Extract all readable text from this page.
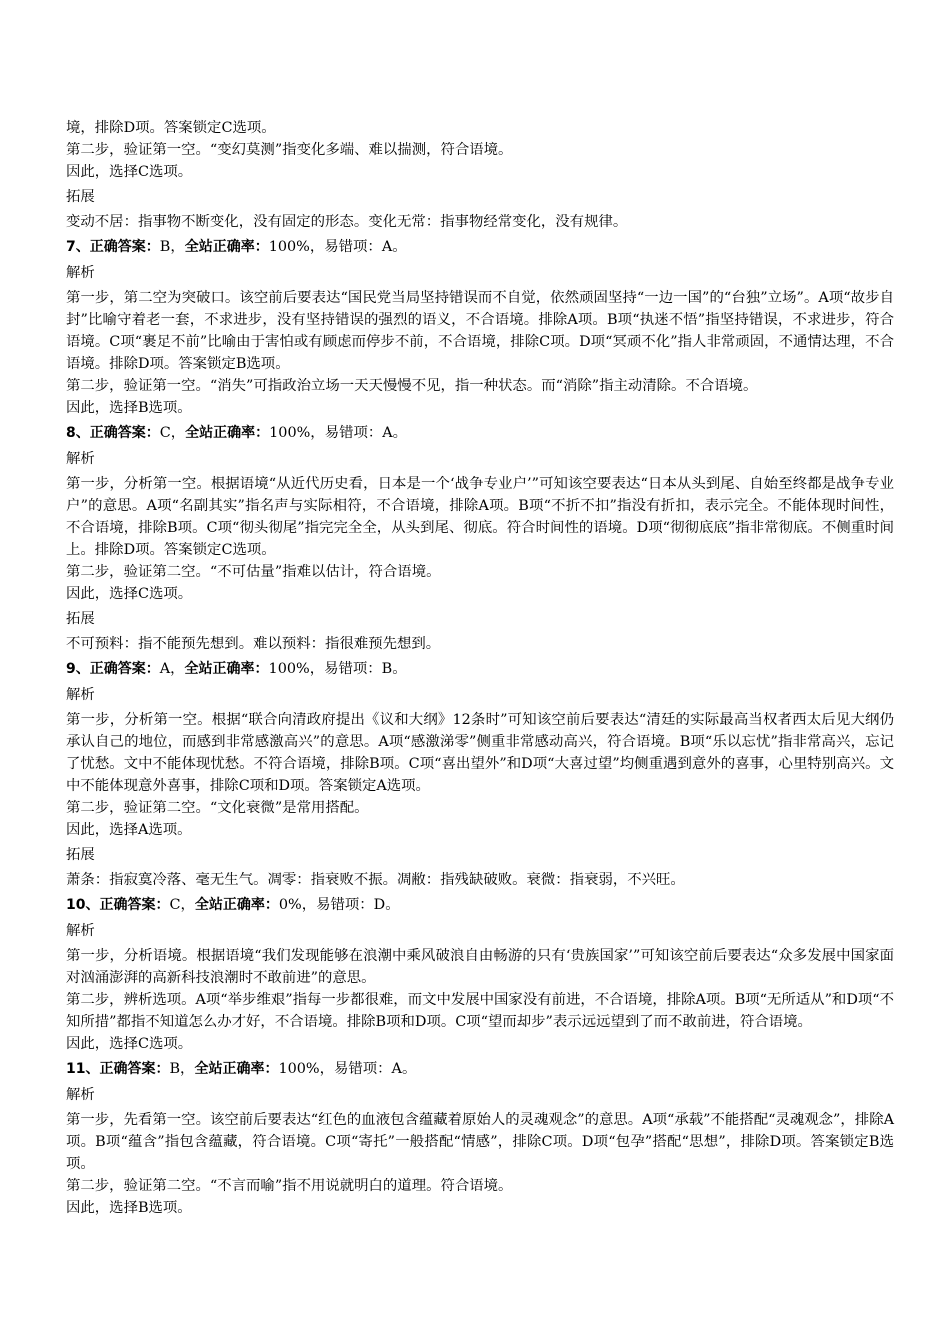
境，排除D项。答案锁定C选项。

第二步，验证第一空。“变幻莫测”指变化多端、难以揣测，符合语境。

因此，选择C选项。

拓展

变动不居：指事物不断变化，没有固定的形态。变化无常：指事物经常变化，没有规律。

7、正确答案：B，全站正确率：100%，易错项：A。

解析

第一步，第二空为突破口。该空前后要表达“国民党当局坚持错误而不自觉，依然顽固坚持“一边一国”的“台独”立场”。A项“故步自封”比喻守着老一套，不求进步，没有坚持错误的强烈的语义，不合语境。排除A项。B项“执迷不悟”指坚持错误，不求进步，符合语境。C项“裹足不前”比喻由于害怕或有顾虑而停步不前，不合语境，排除C项。D项“冥顽不化”指人非常顽固，不通情达理，不合语境。排除D项。答案锁定B选项。

第二步，验证第一空。“消失”可指政治立场一天天慢慢不见，指一种状态。而“消除”指主动清除。不合语境。

因此，选择B选项。

8、正确答案：C，全站正确率：100%，易错项：A。

解析

第一步，分析第一空。根据语境“从近代历史看，日本是一个‘战争专业户’”可知该空要表达“日本从头到尾、自始至终都是战争专业户”的意思。A项“名副其实”指名声与实际相符，不合语境，排除A项。B项“不折不扣”指没有折扣，表示完全。不能体现时间性，不合语境，排除B项。C项“彻头彻尾”指完完全全，从头到尾、彻底。符合时间性的语境。D项“彻彻底底”指非常彻底。不侧重时间上。排除D项。答案锁定C选项。

第二步，验证第二空。“不可估量”指难以估计，符合语境。

因此，选择C选项。

拓展

不可预料：指不能预先想到。难以预料：指很难预先想到。

9、正确答案：A，全站正确率：100%，易错项：B。

解析

第一步，分析第一空。根据“联合向清政府提出《议和大纲》12条时”可知该空前后要表达“清廷的实际最高当权者西太后见大纲仍承认自己的地位，而感到非常感激高兴”的意思。A项“感激涕零”侧重非常感动高兴，符合语境。B项“乐以忘忧”指非常高兴，忘记了忧愁。文中不能体现忧愁。不符合语境，排除B项。C项“喜出望外”和D项“大喜过望”均侧重遇到意外的喜事，心里特别高兴。文中不能体现意外喜事，排除C项和D项。答案锁定A选项。

第二步，验证第二空。“文化衰微”是常用搭配。

因此，选择A选项。

拓展

萧条：指寂寞冷落、毫无生气。凋零：指衰败不振。凋敝：指残缺破败。衰微：指衰弱，不兴旺。

10、正确答案：C，全站正确率：0%，易错项：D。

解析

第一步，分析语境。根据语境“我们发现能够在浪潮中乘风破浪自由畅游的只有‘贵族国家’”可知该空前后要表达“众多发展中国家面对汹涌澎湃的高新科技浪潮时不敢前进”的意思。

第二步，辨析选项。A项“举步维艰”指每一步都很难，而文中发展中国家没有前进，不合语境，排除A项。B项“无所适从”和D项“不知所措”都指不知道怎么办才好，不合语境。排除B项和D项。C项“望而却步”表示远远望到了而不敢前进，符合语境。

因此，选择C选项。

11、正确答案：B，全站正确率：100%，易错项：A。

解析

第一步，先看第一空。该空前后要表达“红色的血液包含蕴藏着原始人的灵魂观念”的意思。A项“承载”不能搭配“灵魂观念”，排除A项。B项“蕴含”指包含蕴藏，符合语境。C项“寄托”一般搭配“情感”，排除C项。D项“包孕”搭配“思想”，排除D项。答案锁定B选项。

第二步，验证第二空。“不言而喻”指不用说就明白的道理。符合语境。

因此，选择B选项。
